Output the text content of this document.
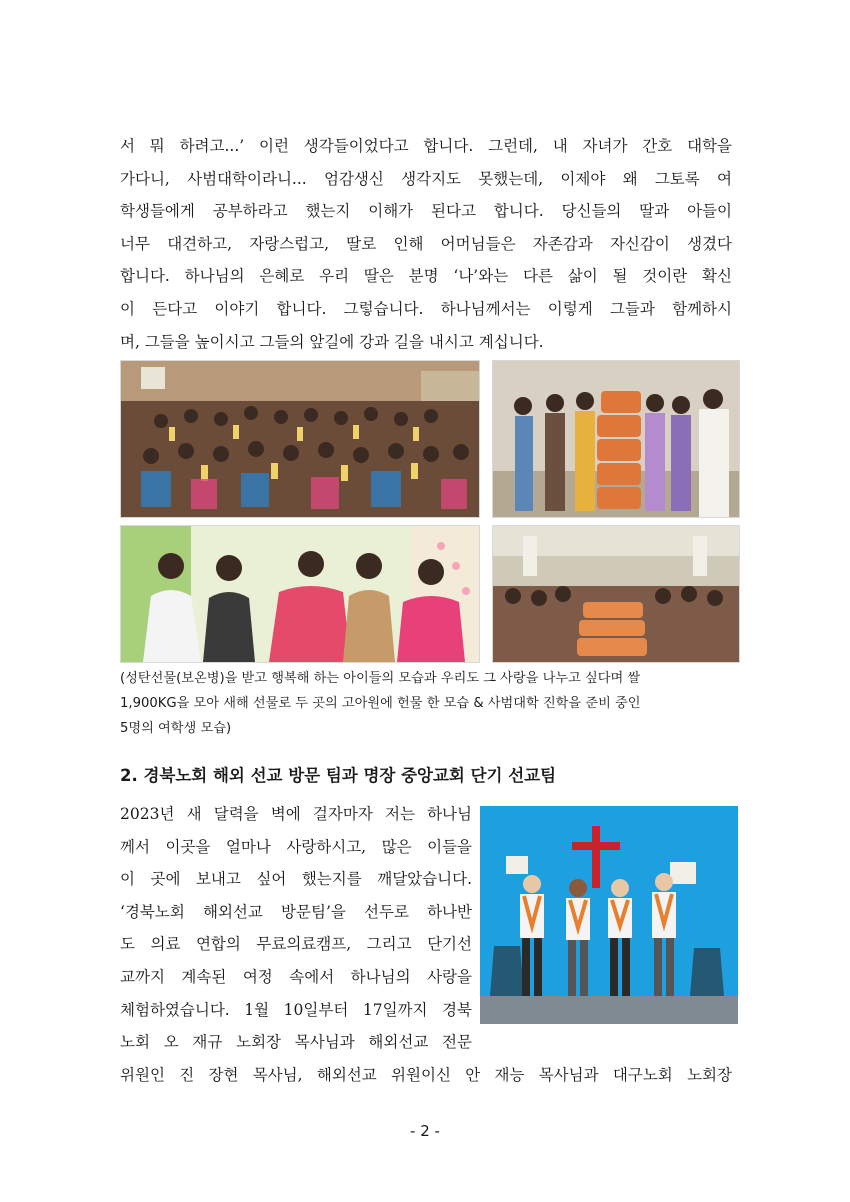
서 뭐 하려고...’ 이런 생각들이었다고 합니다. 그런데, 내 자녀가 간호 대학을
가다니, 사범대학이라니... 엄감생신 생각지도 못했는데, 이제야 왜 그토록 여
학생들에게 공부하라고 했는지 이해가 된다고 합니다. 당신들의 딸과 아들이
너무 대견하고, 자랑스럽고, 딸로 인해 어머님들은 자존감과 자신감이 생겼다
합니다. 하나님의 은혜로 우리 딸은 분명 ‘나’와는 다른 삶이 될 것이란 확신
이 든다고 이야기 합니다. 그렇습니다. 하나님께서는 이렇게 그들과 함께하시
며, 그들을 높이시고 그들의 앞길에 강과 길을 내시고 계십니다.
(성탄선물(보온병)을 받고 행복해 하는 아이들의 모습과 우리도 그 사랑을 나누고 싶다며 쌀
1,900KG을 모아 새해 선물로 두 곳의 고아원에 헌물 한 모습 & 사범대학 진학을 준비 중인
5명의 여학생 모습)
2. 경북노회 해외 선교 방문 팀과 명장 중앙교회 단기 선교팀
2023년 새 달력을 벽에 걸자마자 저는 하나님
께서 이곳을 얼마나 사랑하시고, 많은 이들을
이 곳에 보내고 싶어 했는지를 깨달았습니다.
‘경북노회 해외선교 방문팀’을 선두로 하나반
도 의료 연합의 무료의료캠프, 그리고 단기선
교까지 계속된 여정 속에서 하나님의 사랑을
체험하였습니다. 1월 10일부터 17일까지 경북
노회 오 재규 노회장 목사님과 해외선교 전문
위원인 진 장현 목사님, 해외선교 위원이신 안 재능 목사님과 대구노회 노회장
- 2 -
